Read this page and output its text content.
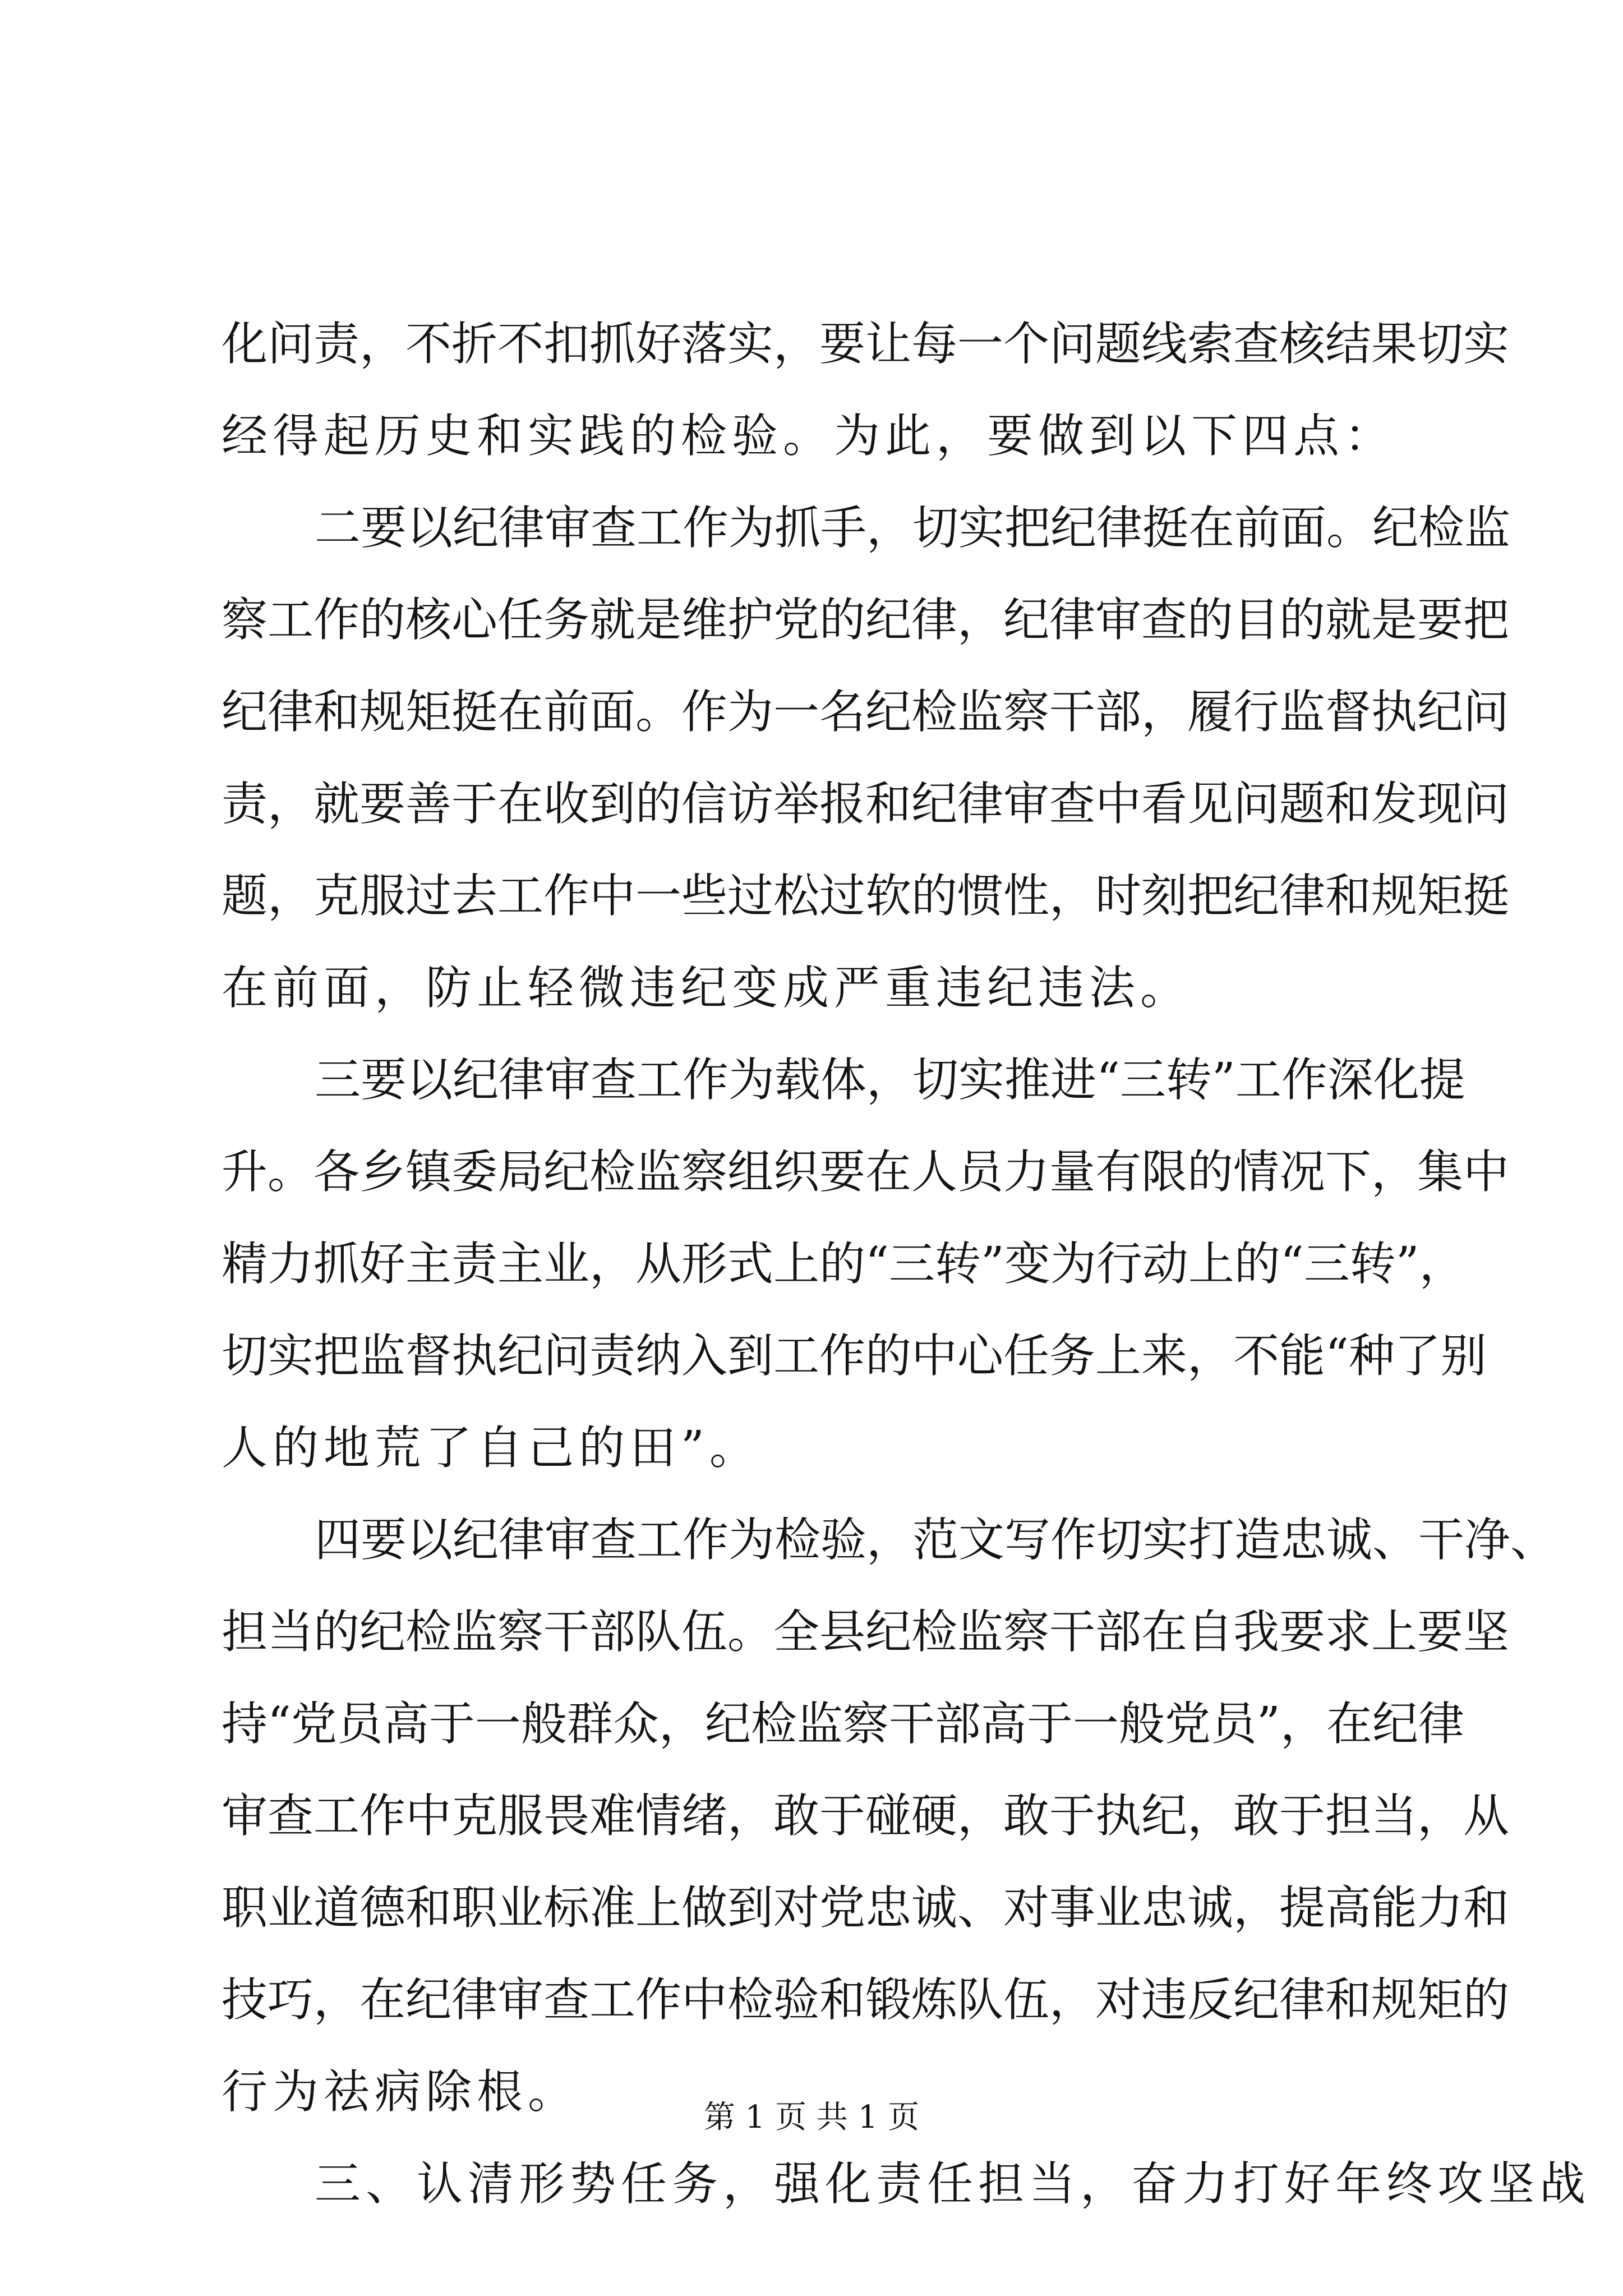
化问责，不折不扣抓好落实，要让每一个问题线索查核结果切实
经得起历史和实践的检验。为此，要做到以下四点：
二要以纪律审查工作为抓手，切实把纪律挺在前面。纪检监
察工作的核心任务就是维护党的纪律，纪律审查的目的就是要把
纪律和规矩挺在前面。作为一名纪检监察干部，履行监督执纪问
责，就要善于在收到的信访举报和纪律审查中看见问题和发现问
题，克服过去工作中一些过松过软的惯性，时刻把纪律和规矩挺
在前面，防止轻微违纪变成严重违纪违法。
三要以纪律审查工作为载体，切实推进“三转”工作深化提
升。各乡镇委局纪检监察组织要在人员力量有限的情况下，集中
精力抓好主责主业，从形式上的“三转”变为行动上的“三转”，
切实把监督执纪问责纳入到工作的中心任务上来，不能“种了别
人的地荒了自己的田”。
四要以纪律审查工作为检验，范文写作切实打造忠诚、干净、
担当的纪检监察干部队伍。全县纪检监察干部在自我要求上要坚
持“党员高于一般群众，纪检监察干部高于一般党员”，在纪律
审查工作中克服畏难情绪，敢于碰硬，敢于执纪，敢于担当，从
职业道德和职业标准上做到对党忠诚、对事业忠诚，提高能力和
技巧，在纪律审查工作中检验和锻炼队伍，对违反纪律和规矩的
行为祛病除根。
三、认清形势任务，强化责任担当，奋力打好年终攻坚战
第 1 页 共 1 页
